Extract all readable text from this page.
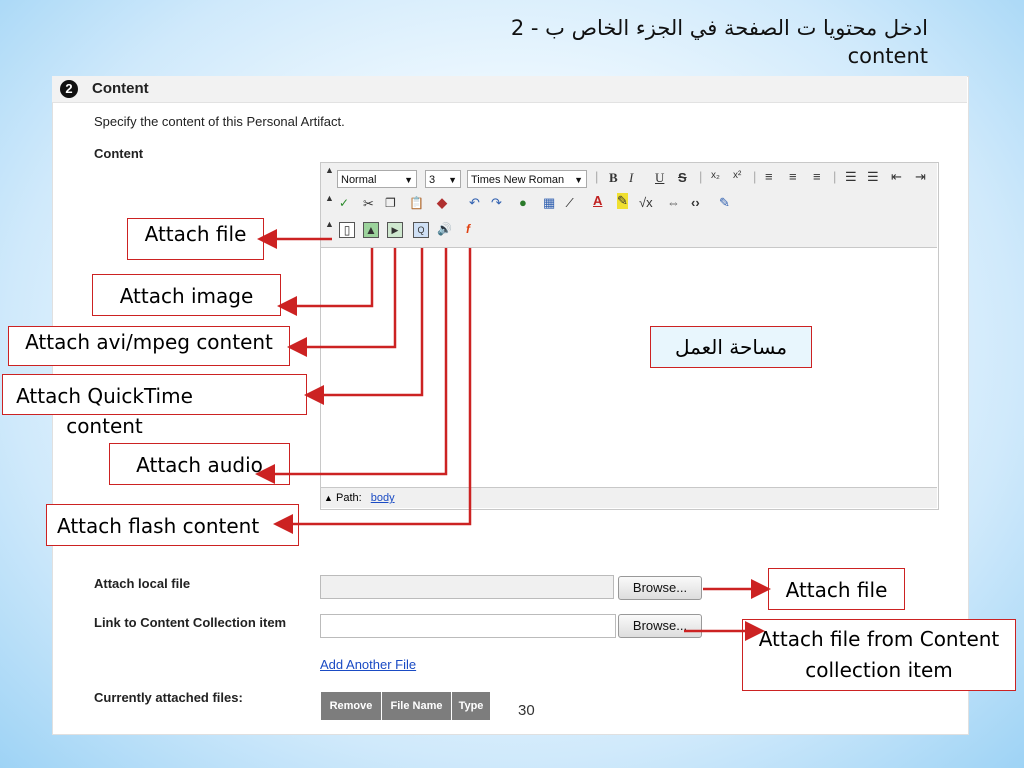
2 - ادخل محتويا ت الصفحة في الجزء الخاص ب
content
2	Content
Specify the content of this Personal Artifact.
Content
▲
Normal	▼	3 ▼	Times New Roman ▼ | B I U S | x₂ x² | ≡ ≡ ≡ | ☰ ☰ ⇤ ⇥
▲ ✓ ✂ ❐ 📋 ◆ ↶ ↷ ● ▦ ∕ A ✎ √x ⇔ ‹› ✎
▲ ▯	▲	▶	Q	🔊	f
▲ Path: body
Attach local file	Browse...
Link to Content Collection item	Browse...
Add Another File
Currently attached files:
Remove	File Name	Type	30
Attach file
Attach image
Attach avi/mpeg content
Attach QuickTime content
Attach audio
Attach flash content
مساحة العمل
Attach file
Attach file from Content collection item
